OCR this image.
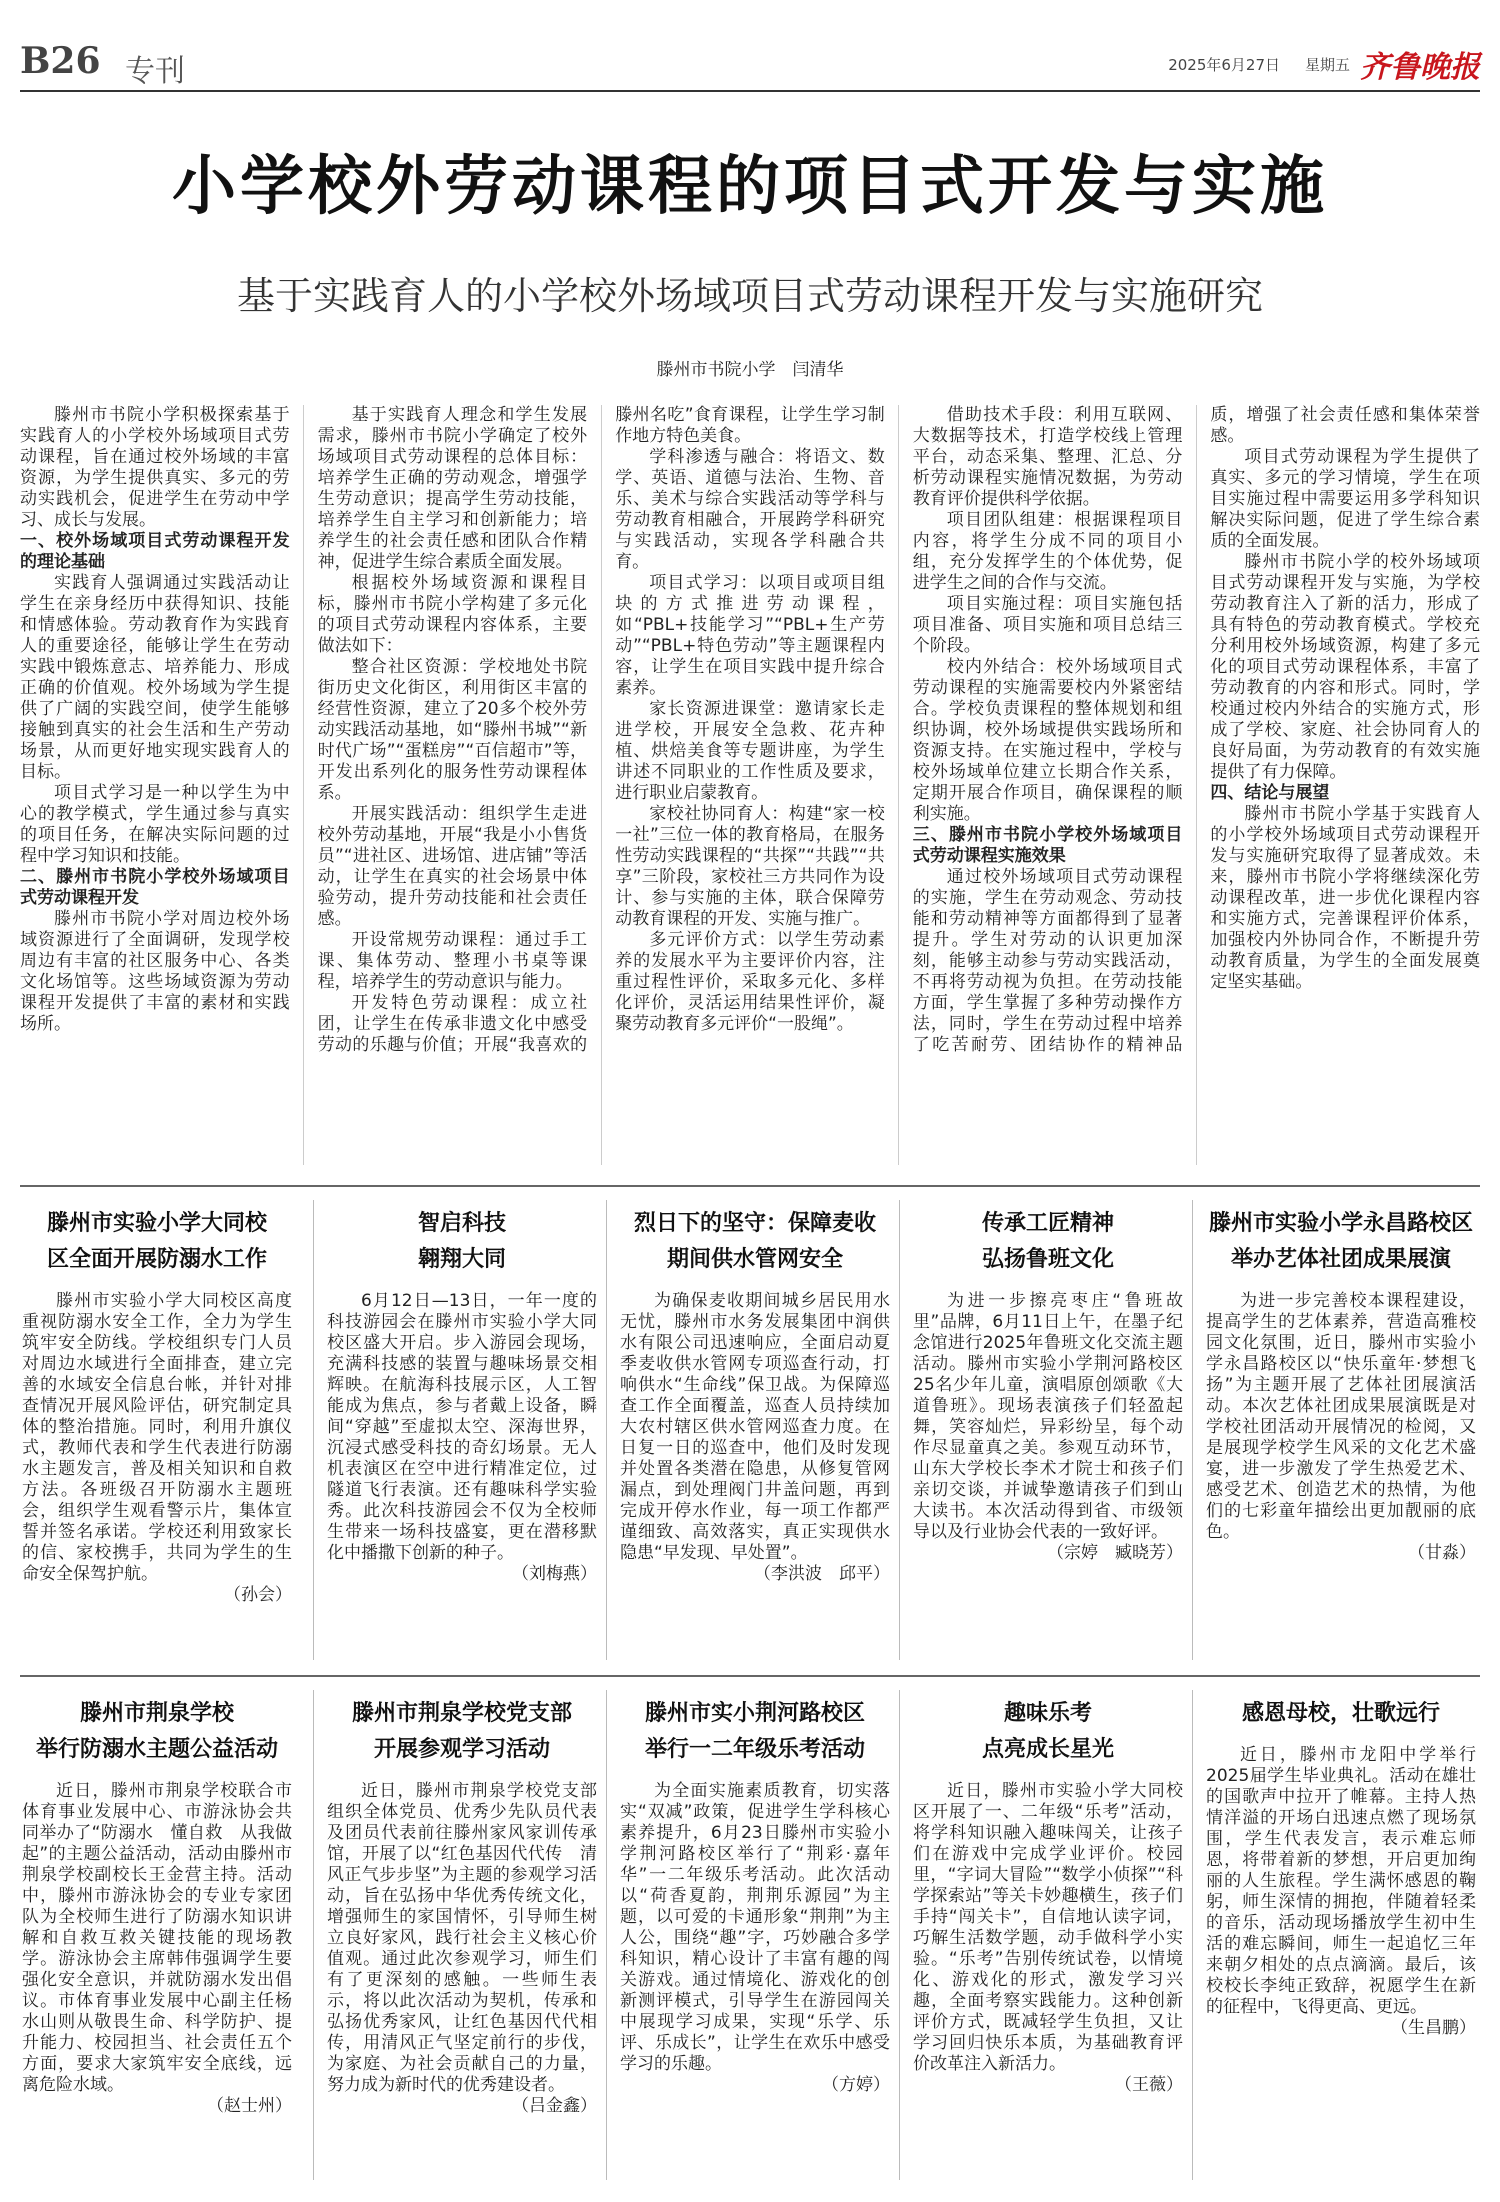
B26 专刊	2025年6月27日 星期五 齐鲁晚报
小学校外劳动课程的项目式开发与实施
基于实践育人的小学校外场域项目式劳动课程开发与实施研究
滕州市书院小学　闫清华

滕州市书院小学积极探索基于实践育人的小学校外场域项目式劳动课程，旨在通过校外场域的丰富资源，为学生提供真实、多元的劳动实践机会，促进学生在劳动中学习、成长与发展。

一、校外场域项目式劳动课程开发的理论基础

实践育人强调通过实践活动让学生在亲身经历中获得知识、技能和情感体验。劳动教育作为实践育人的重要途径，能够让学生在劳动实践中锻炼意志、培养能力、形成正确的价值观。校外场域为学生提供了广阔的实践空间，使学生能够接触到真实的社会生活和生产劳动场景，从而更好地实现实践育人的目标。

项目式学习是一种以学生为中心的教学模式，学生通过参与真实的项目任务，在解决实际问题的过程中学习知识和技能。

二、滕州市书院小学校外场域项目式劳动课程开发

滕州市书院小学对周边校外场域资源进行了全面调研，发现学校周边有丰富的社区服务中心、各类文化场馆等。这些场域资源为劳动课程开发提供了丰富的素材和实践场所。

基于实践育人理念和学生发展需求，滕州市书院小学确定了校外场域项目式劳动课程的总体目标：培养学生正确的劳动观念，增强学生劳动意识；提高学生劳动技能，培养学生自主学习和创新能力；培养学生的社会责任感和团队合作精神，促进学生综合素质全面发展。

根据校外场域资源和课程目标，滕州市书院小学构建了多元化的项目式劳动课程内容体系，主要做法如下：

整合社区资源：学校地处书院街历史文化街区，利用街区丰富的经营性资源，建立了20多个校外劳动实践活动基地，如“滕州书城”“新时代广场”“蛋糕房”“百信超市”等，开发出系列化的服务性劳动课程体系。

开展实践活动：组织学生走进校外劳动基地，开展“我是小小售货员”“进社区、进场馆、进店铺”等活动，让学生在真实的社会场景中体验劳动，提升劳动技能和社会责任感。

开设常规劳动课程：通过手工课、集体劳动、整理小书桌等课程，培养学生的劳动意识与能力。

开发特色劳动课程：成立社团，让学生在传承非遗文化中感受劳动的乐趣与价值；开展“我喜欢的滕州名吃”食育课程，让学生学习制作地方特色美食。

学科渗透与融合：将语文、数学、英语、道德与法治、生物、音乐、美术与综合实践活动等学科与劳动教育相融合，开展跨学科研究与实践活动，实现各学科融合共育。

项目式学习：以项目或项目组块的方式推进劳动课程，如“PBL+技能学习”“PBL+生产劳动”“PBL+特色劳动”等主题课程内容，让学生在项目实践中提升综合素养。

家长资源进课堂：邀请家长走进学校，开展安全急救、花卉种植、烘焙美食等专题讲座，为学生讲述不同职业的工作性质及要求，进行职业启蒙教育。

家校社协同育人：构建“家一校一社”三位一体的教育格局，在服务性劳动实践课程的“共探”“共践”“共享”三阶段，家校社三方共同作为设计、参与实施的主体，联合保障劳动教育课程的开发、实施与推广。

多元评价方式：以学生劳动素养的发展水平为主要评价内容，注重过程性评价，采取多元化、多样化评价，灵活运用结果性评价，凝聚劳动教育多元评价“一股绳”。

借助技术手段：利用互联网、大数据等技术，打造学校线上管理平台，动态采集、整理、汇总、分析劳动课程实施情况数据，为劳动教育评价提供科学依据。

项目团队组建：根据课程项目内容，将学生分成不同的项目小组，充分发挥学生的个体优势，促进学生之间的合作与交流。

项目实施过程：项目实施包括项目准备、项目实施和项目总结三个阶段。

校内外结合：校外场域项目式劳动课程的实施需要校内外紧密结合。学校负责课程的整体规划和组织协调，校外场域提供实践场所和资源支持。在实施过程中，学校与校外场域单位建立长期合作关系，定期开展合作项目，确保课程的顺利实施。

三、滕州市书院小学校外场域项目式劳动课程实施效果

通过校外场域项目式劳动课程的实施，学生在劳动观念、劳动技能和劳动精神等方面都得到了显著提升。学生对劳动的认识更加深刻，能够主动参与劳动实践活动，不再将劳动视为负担。在劳动技能方面，学生掌握了多种劳动操作方法，同时，学生在劳动过程中培养了吃苦耐劳、团结协作的精神品质，增强了社会责任感和集体荣誉感。

项目式劳动课程为学生提供了真实、多元的学习情境，学生在项目实施过程中需要运用多学科知识解决实际问题，促进了学生综合素质的全面发展。

滕州市书院小学的校外场域项目式劳动课程开发与实施，为学校劳动教育注入了新的活力，形成了具有特色的劳动教育模式。学校充分利用校外场域资源，构建了多元化的项目式劳动课程体系，丰富了劳动教育的内容和形式。同时，学校通过校内外结合的实施方式，形成了学校、家庭、社会协同育人的良好局面，为劳动教育的有效实施提供了有力保障。

四、结论与展望

滕州市书院小学基于实践育人的小学校外场域项目式劳动课程开发与实施研究取得了显著成效。未来，滕州市书院小学将继续深化劳动课程改革，进一步优化课程内容和实施方式，完善课程评价体系，加强校内外协同合作，不断提升劳动教育质量，为学生的全面发展奠定坚实基础。

滕州市实验小学大同校
区全面开展防溺水工作

滕州市实验小学大同校区高度重视防溺水安全工作，全力为学生筑牢安全防线。学校组织专门人员对周边水域进行全面排查，建立完善的水域安全信息台帐，并针对排查情况开展风险评估，研究制定具体的整治措施。同时，利用升旗仪式，教师代表和学生代表进行防溺水主题发言，普及相关知识和自救方法。各班级召开防溺水主题班会，组织学生观看警示片，集体宣誓并签名承诺。学校还利用致家长的信、家校携手，共同为学生的生命安全保驾护航。

（孙会）
智启科技
翱翔大同

6月12日—13日，一年一度的科技游园会在滕州市实验小学大同校区盛大开启。步入游园会现场，充满科技感的装置与趣味场景交相辉映。在航海科技展示区，人工智能成为焦点，参与者戴上设备，瞬间“穿越”至虚拟太空、深海世界，沉浸式感受科技的奇幻场景。无人机表演区在空中进行精准定位，过隧道飞行表演。还有趣味科学实验秀。此次科技游园会不仅为全校师生带来一场科技盛宴，更在潜移默化中播撒下创新的种子。

（刘梅燕）
烈日下的坚守：保障麦收
期间供水管网安全

为确保麦收期间城乡居民用水无忧，滕州市水务发展集团中润供水有限公司迅速响应，全面启动夏季麦收供水管网专项巡查行动，打响供水“生命线”保卫战。为保障巡查工作全面覆盖，巡查人员持续加大农村辖区供水管网巡查力度。在日复一日的巡查中，他们及时发现并处置各类潜在隐患，从修复管网漏点，到处理阀门井盖问题，再到完成开停水作业，每一项工作都严谨细致、高效落实，真正实现供水隐患“早发现、早处置”。

（李洪波　邱平）
传承工匠精神
弘扬鲁班文化

为进一步擦亮枣庄“鲁班故里”品牌，6月11日上午，在墨子纪念馆进行2025年鲁班文化交流主题活动。滕州市实验小学荆河路校区25名少年儿童，演唱原创颂歌《大道鲁班》。现场表演孩子们轻盈起舞，笑容灿烂，异彩纷呈，每个动作尽显童真之美。参观互动环节，山东大学校长李术才院士和孩子们亲切交谈，并诚挚邀请孩子们到山大读书。本次活动得到省、市级领导以及行业协会代表的一致好评。

（宗婷　臧晓芳）
滕州市实验小学永昌路校区
举办艺体社团成果展演

为进一步完善校本课程建设，提高学生的艺体素养，营造高雅校园文化氛围，近日，滕州市实验小学永昌路校区以“快乐童年·梦想飞扬”为主题开展了艺体社团展演活动。本次艺体社团成果展演既是对学校社团活动开展情况的检阅，又是展现学校学生风采的文化艺术盛宴，进一步激发了学生热爱艺术、感受艺术、创造艺术的热情，为他们的七彩童年描绘出更加靓丽的底色。

（甘淼）
滕州市荆泉学校
举行防溺水主题公益活动

近日，滕州市荆泉学校联合市体育事业发展中心、市游泳协会共同举办了“防溺水　懂自救　从我做起”的主题公益活动，活动由滕州市荆泉学校副校长王金营主持。活动中，滕州市游泳协会的专业专家团队为全校师生进行了防溺水知识讲解和自救互救关键技能的现场教学。游泳协会主席韩伟强调学生要强化安全意识，并就防溺水发出倡议。市体育事业发展中心副主任杨水山则从敬畏生命、科学防护、提升能力、校园担当、社会责任五个方面，要求大家筑牢安全底线，远离危险水域。

（赵士州）
滕州市荆泉学校党支部
开展参观学习活动

近日，滕州市荆泉学校党支部组织全体党员、优秀少先队员代表及团员代表前往滕州家风家训传承馆，开展了以“红色基因代代传　清风正气步步坚”为主题的参观学习活动，旨在弘扬中华优秀传统文化，增强师生的家国情怀，引导师生树立良好家风，践行社会主义核心价值观。通过此次参观学习，师生们有了更深刻的感触。一些师生表示，将以此次活动为契机，传承和弘扬优秀家风，让红色基因代代相传，用清风正气坚定前行的步伐，为家庭、为社会贡献自己的力量，努力成为新时代的优秀建设者。

（吕金鑫）
滕州市实小荆河路校区
举行一二年级乐考活动

为全面实施素质教育，切实落实“双减”政策，促进学生学科核心素养提升，6月23日滕州市实验小学荆河路校区举行了“荆彩·嘉年华”一二年级乐考活动。此次活动以“荷香夏韵，荆荆乐源园”为主题，以可爱的卡通形象“荆荆”为主人公，围绕“趣”字，巧妙融合多学科知识，精心设计了丰富有趣的闯关游戏。通过情境化、游戏化的创新测评模式，引导学生在游园闯关中展现学习成果，实现“乐学、乐评、乐成长”，让学生在欢乐中感受学习的乐趣。

（方婷）
趣味乐考
点亮成长星光

近日，滕州市实验小学大同校区开展了一、二年级“乐考”活动，将学科知识融入趣味闯关，让孩子们在游戏中完成学业评价。校园里，“字词大冒险”“数学小侦探”“科学探索站”等关卡妙趣横生，孩子们手持“闯关卡”，自信地认读字词，巧解生活数学题，动手做科学小实验。“乐考”告别传统试卷，以情境化、游戏化的形式，激发学习兴趣，全面考察实践能力。这种创新评价方式，既减轻学生负担，又让学习回归快乐本质，为基础教育评价改革注入新活力。

（王薇）
感恩母校，壮歌远行

近日，滕州市龙阳中学举行2025届学生毕业典礼。活动在雄壮的国歌声中拉开了帷幕。主持人热情洋溢的开场白迅速点燃了现场氛围，学生代表发言，表示难忘师恩，将带着新的梦想，开启更加绚丽的人生旅程。学生满怀感恩的鞠躬，师生深情的拥抱，伴随着轻柔的音乐，活动现场播放学生初中生活的难忘瞬间，师生一起追忆三年来朝夕相处的点点滴滴。最后，该校校长李纯正致辞，祝愿学生在新的征程中，飞得更高、更远。

（生昌鹏）
